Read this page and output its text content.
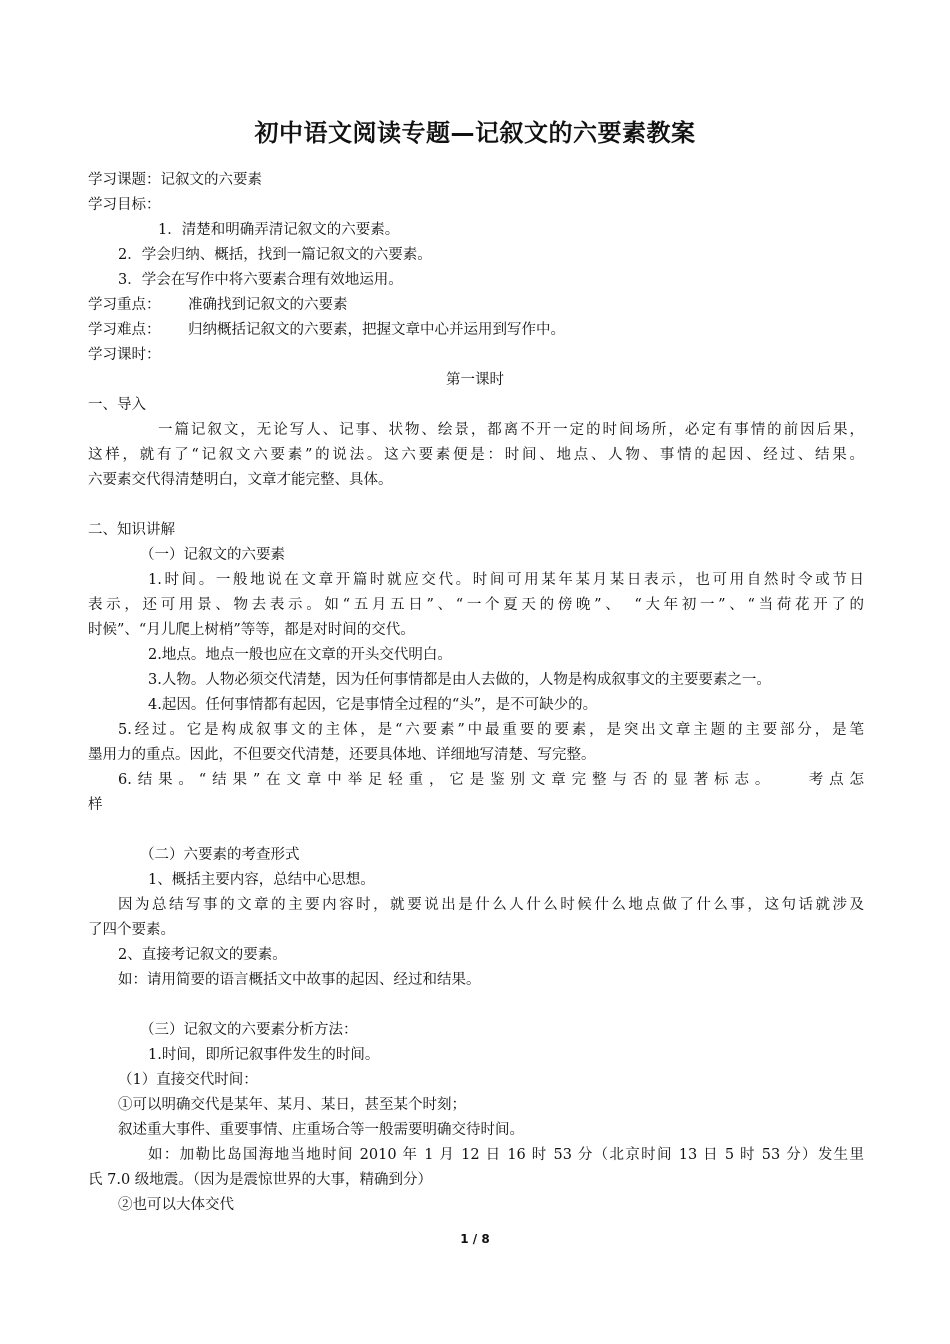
初中语文阅读专题—记叙文的六要素教案
学习课题：记叙文的六要素
学习目标：
1．清楚和明确弄清记叙文的六要素。
2．学会归纳、概括，找到一篇记叙文的六要素。
3．学会在写作中将六要素合理有效地运用。
学习重点： 准确找到记叙文的六要素
学习难点： 归纳概括记叙文的六要素，把握文章中心并运用到写作中。
学习课时：
第一课时
一、导入
一篇记叙文，无论写人、记事、状物、绘景，都离不开一定的时间场所，必定有事情的前因后果，
这样，就有了“记叙文六要素”的说法。这六要素便是：时间、地点、人物、事情的起因、经过、结果。
六要素交代得清楚明白，文章才能完整、具体。
二、知识讲解
（一）记叙文的六要素
1.时间。一般地说在文章开篇时就应交代。时间可用某年某月某日表示，也可用自然时令或节日
表示，还可用景、物去表示。如“五月五日”、“一个夏天的傍晚”、　“大年初一”、“当荷花开了的
时候”、“月儿爬上树梢”等等，都是对时间的交代。
2.地点。地点一般也应在文章的开头交代明白。
3.人物。人物必须交代清楚，因为任何事情都是由人去做的，人物是构成叙事文的主要要素之一。
4.起因。任何事情都有起因，它是事情全过程的“头”，是不可缺少的。
5.经过。它是构成叙事文的主体，是“六要素”中最重要的要素，是突出文章主题的主要部分，是笔
墨用力的重点。因此，不但要交代清楚，还要具体地、详细地写清楚、写完整。
6.结果。“结果”在文章中举足轻重，它是鉴别文章完整与否的显著标志。　　考点怎
样
（二）六要素的考查形式
1、概括主要内容，总结中心思想。
因为总结写事的文章的主要内容时，就要说出是什么人什么时候什么地点做了什么事，这句话就涉及
了四个要素。
2、直接考记叙文的要素。
如：请用简要的语言概括文中故事的起因、经过和结果。
（三）记叙文的六要素分析方法：
1.时间，即所记叙事件发生的时间。
（1）直接交代时间：
①可以明确交代是某年、某月、某日，甚至某个时刻；
叙述重大事件、重要事情、庄重场合等一般需要明确交待时间。
如：加勒比岛国海地当地时间 2010 年 1 月 12 日 16 时 53 分（北京时间 13 日 5 时 53 分）发生里
氏 7.0 级地震。（因为是震惊世界的大事，精确到分）
②也可以大体交代
1 / 8
